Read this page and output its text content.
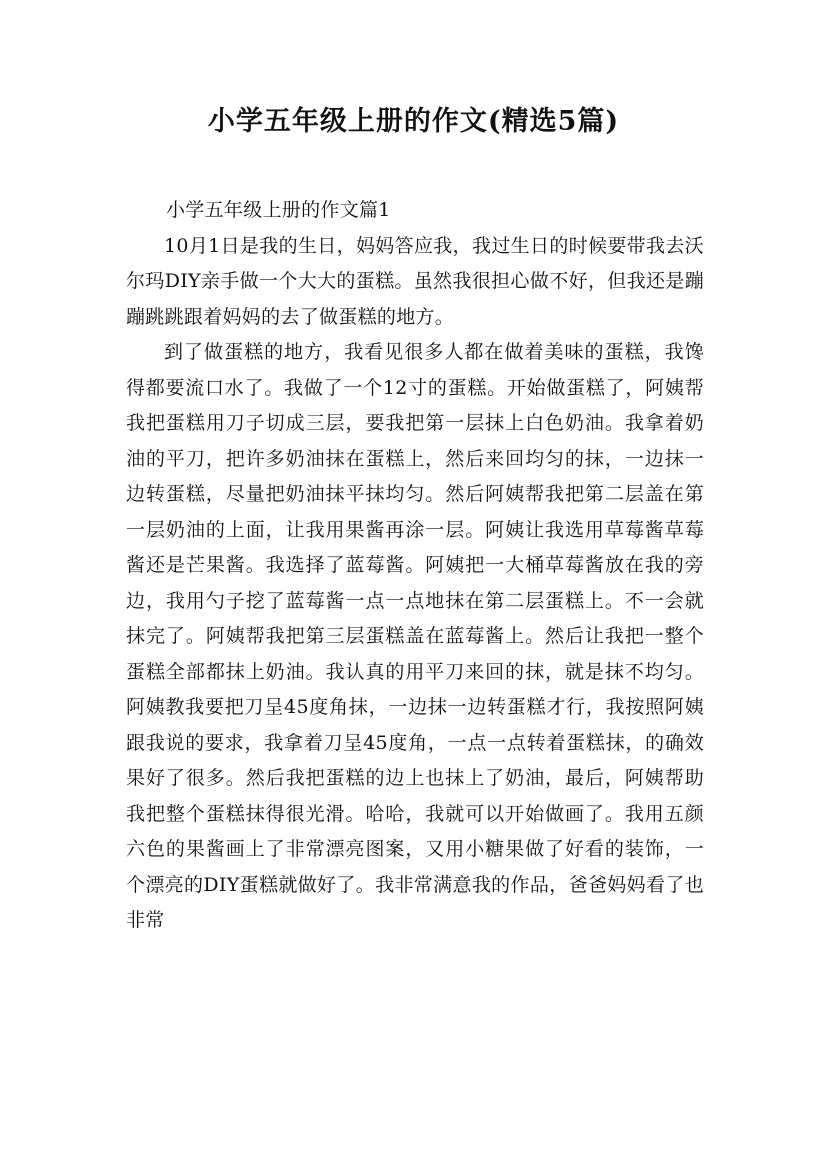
小学五年级上册的作文(精选5篇)
小学五年级上册的作文篇1

10月1日是我的生日，妈妈答应我，我过生日的时候要带我去沃尔玛DIY亲手做一个大大的蛋糕。虽然我很担心做不好，但我还是蹦蹦跳跳跟着妈妈的去了做蛋糕的地方。

到了做蛋糕的地方，我看见很多人都在做着美味的蛋糕，我馋得都要流口水了。我做了一个12寸的蛋糕。开始做蛋糕了，阿姨帮我把蛋糕用刀子切成三层，要我把第一层抹上白色奶油。我拿着奶油的平刀，把许多奶油抹在蛋糕上，然后来回均匀的抹，一边抹一边转蛋糕，尽量把奶油抹平抹均匀。然后阿姨帮我把第二层盖在第一层奶油的上面，让我用果酱再涂一层。阿姨让我选用草莓酱草莓酱还是芒果酱。我选择了蓝莓酱。阿姨把一大桶草莓酱放在我的旁边，我用勺子挖了蓝莓酱一点一点地抹在第二层蛋糕上。不一会就抹完了。阿姨帮我把第三层蛋糕盖在蓝莓酱上。然后让我把一整个蛋糕全部都抹上奶油。我认真的用平刀来回的抹，就是抹不均匀。阿姨教我要把刀呈45度角抹，一边抹一边转蛋糕才行，我按照阿姨跟我说的要求，我拿着刀呈45度角，一点一点转着蛋糕抹，的确效果好了很多。然后我把蛋糕的边上也抹上了奶油，最后，阿姨帮助我把整个蛋糕抹得很光滑。哈哈，我就可以开始做画了。我用五颜六色的果酱画上了非常漂亮图案，又用小糖果做了好看的装饰，一个漂亮的DIY蛋糕就做好了。我非常满意我的作品，爸爸妈妈看了也非常
